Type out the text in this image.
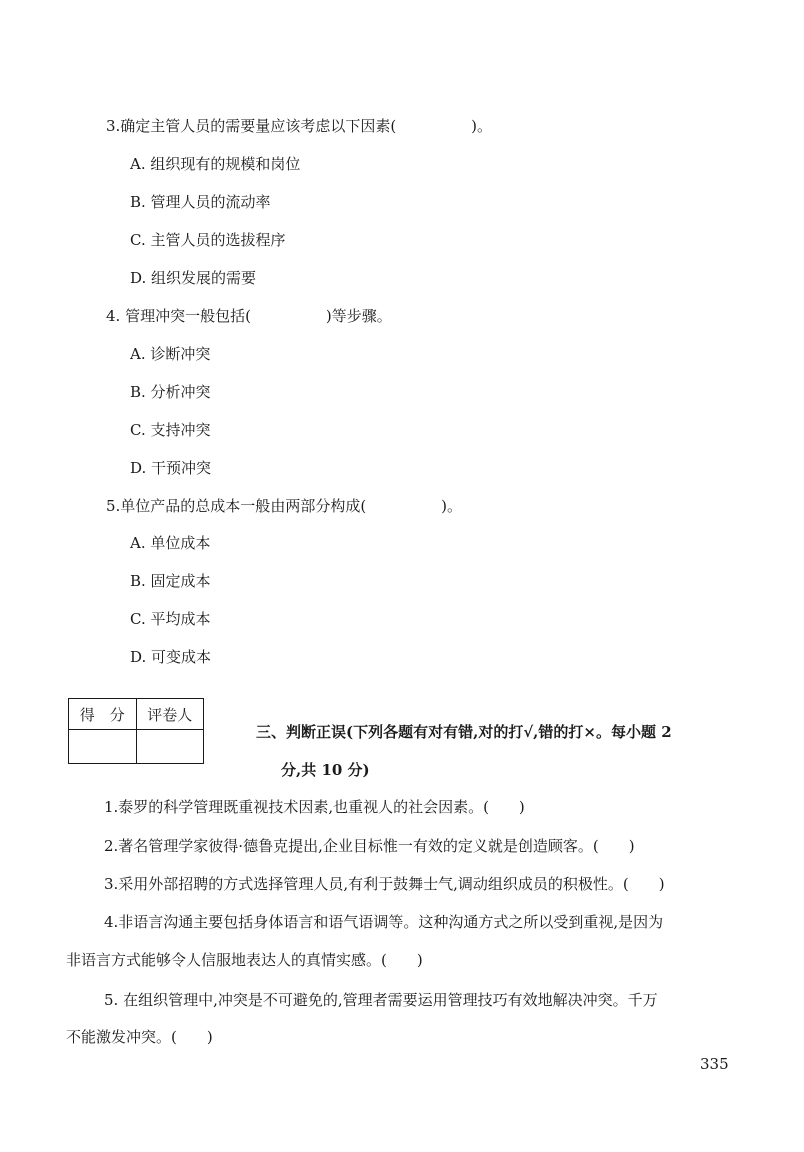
3.确定主管人员的需要量应该考虑以下因素(　　　　　)。
A. 组织现有的规模和岗位
B. 管理人员的流动率
C. 主管人员的选拔程序
D. 组织发展的需要
4. 管理冲突一般包括(　　　　　)等步骤。
A. 诊断冲突
B. 分析冲突
C. 支持冲突
D. 干预冲突
5.单位产品的总成本一般由两部分构成(　　　　　)。
A. 单位成本
B. 固定成本
C. 平均成本
D. 可变成本
得　分	评卷人

三、判断正误(下列各题有对有错,对的打√,错的打×。每小题 2
分,共 10 分)
1.泰罗的科学管理既重视技术因素,也重视人的社会因素。(　　)
2.著名管理学家彼得·德鲁克提出,企业目标惟一有效的定义就是创造顾客。(　　)
3.采用外部招聘的方式选择管理人员,有利于鼓舞士气,调动组织成员的积极性。(　　)
4.非语言沟通主要包括身体语言和语气语调等。这种沟通方式之所以受到重视,是因为
非语言方式能够令人信服地表达人的真情实感。(　　)
5. 在组织管理中,冲突是不可避免的,管理者需要运用管理技巧有效地解决冲突。千万
不能激发冲突。(　　)
335
